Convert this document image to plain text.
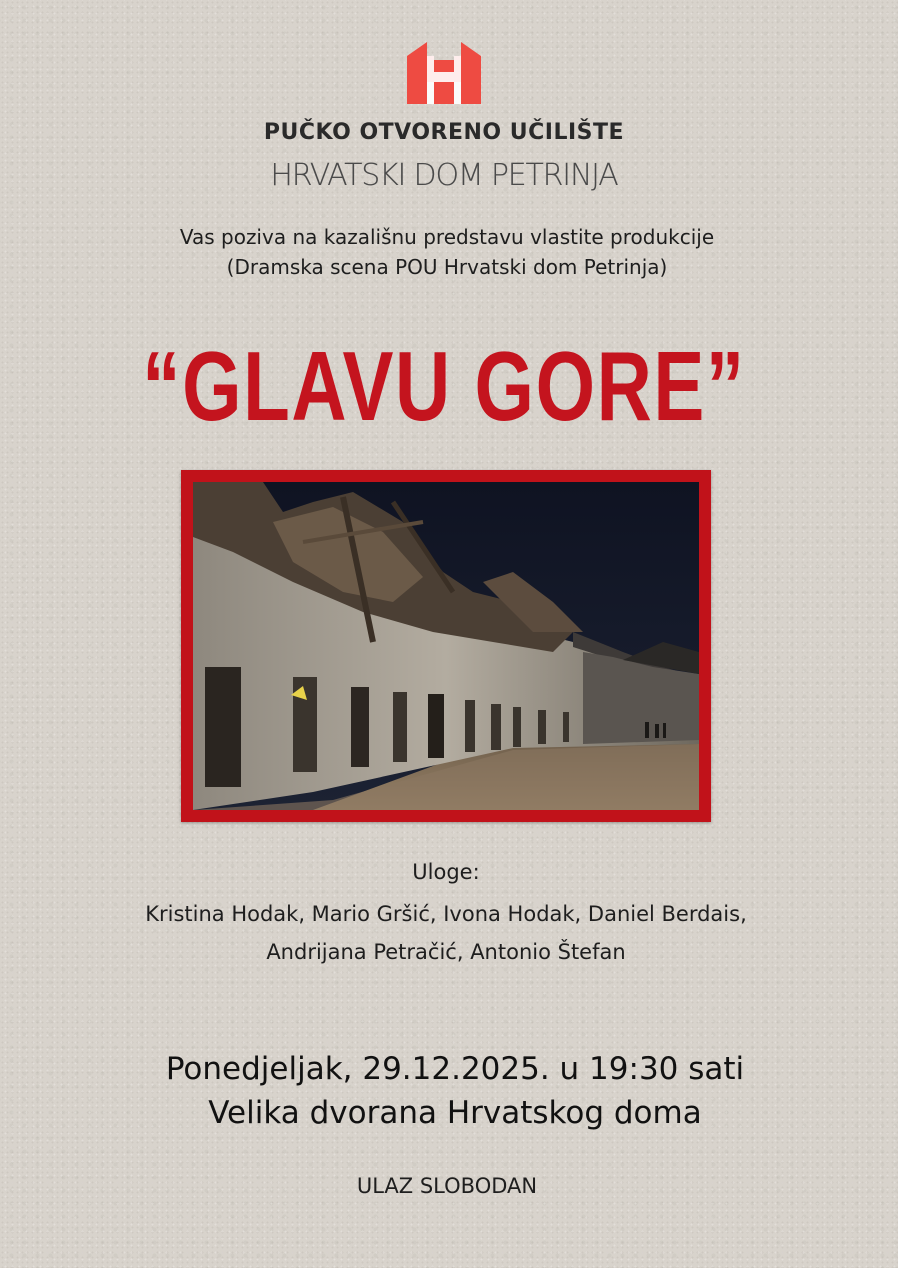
PUČKO OTVORENO UČILIŠTE
HRVATSKI DOM PETRINJA
Vas poziva na kazališnu predstavu vlastite produkcije
(Dramska scena POU Hrvatski dom Petrinja)
“GLAVU GORE”
Uloge:
Kristina Hodak, Mario Gršić, Ivona Hodak, Daniel Berdais,
Andrijana Petračić, Antonio Štefan
Ponedjeljak, 29.12.2025. u 19:30 sati
Velika dvorana Hrvatskog doma
ULAZ SLOBODAN
